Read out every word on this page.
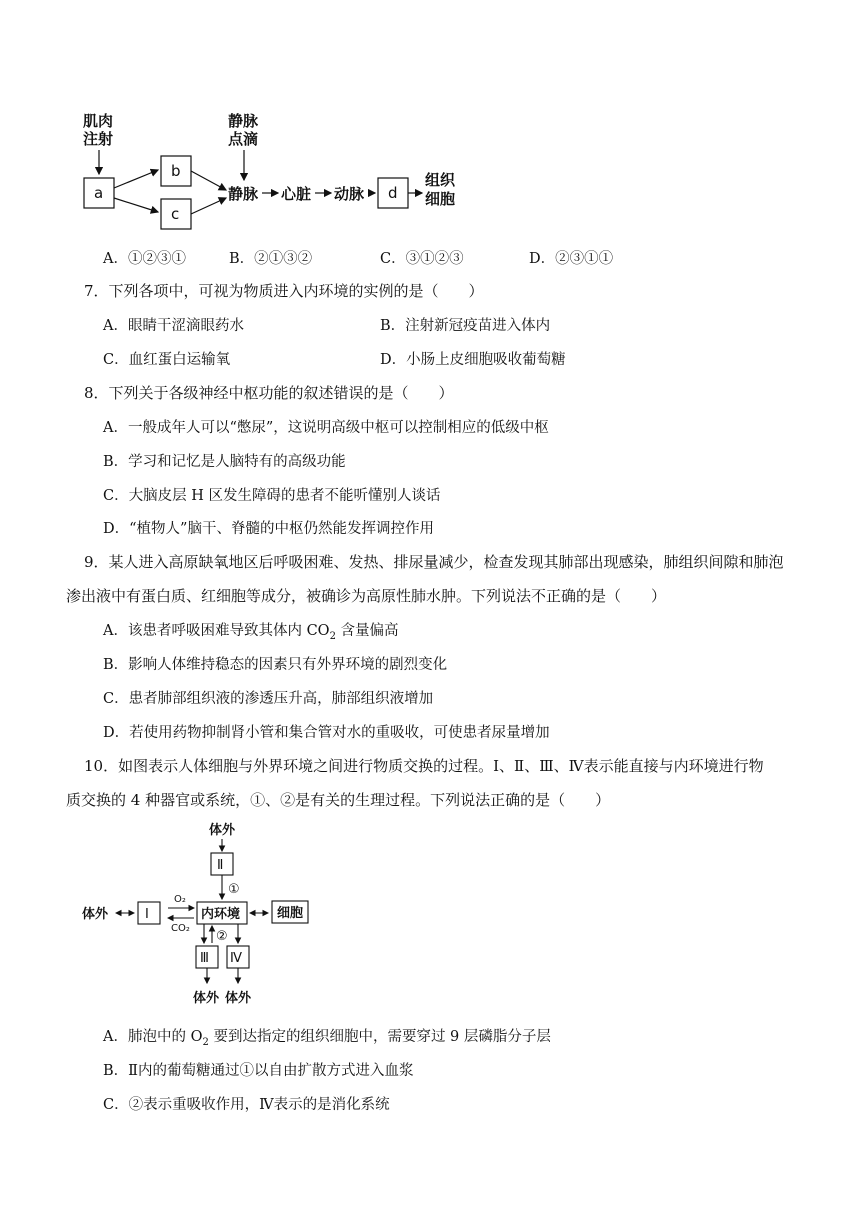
肌肉
注射
a
b
c
静脉
点滴
静脉 心脏 动脉 d
组织
细胞
A．①②③①	B．②①③②	C．③①②③	D．②③①①
7．下列各项中，可视为物质进入内环境的实例的是（　　）
A．眼睛干涩滴眼药水	B．注射新冠疫苗进入体内
C．血红蛋白运输氧	D．小肠上皮细胞吸收葡萄糖
8．下列关于各级神经中枢功能的叙述错误的是（　　）
A．一般成年人可以“憋尿”，这说明高级中枢可以控制相应的低级中枢
B．学习和记忆是人脑特有的高级功能
C．大脑皮层 H 区发生障碍的患者不能听懂别人谈话
D．“植物人”脑干、脊髓的中枢仍然能发挥调控作用
9．某人进入高原缺氧地区后呼吸困难、发热、排尿量减少，检查发现其肺部出现感染，肺组织间隙和肺泡
渗出液中有蛋白质、红细胞等成分，被确诊为高原性肺水肿。下列说法不正确的是（　　）
A．该患者呼吸困难导致其体内 $CO_2$ 含量偏高
B．影响人体维持稳态的因素只有外界环境的剧烈变化
C．患者肺部组织液的渗透压升高，肺部组织液增加
D．若使用药物抑制肾小管和集合管对水的重吸收，可使患者尿量增加
10．如图表示人体细胞与外界环境之间进行物质交换的过程。Ⅰ、Ⅱ、Ⅲ、Ⅳ表示能直接与内环境进行物
质交换的 4 种器官或系统，①、②是有关的生理过程。下列说法正确的是（　　）
体外
Ⅱ
①
体外	Ⅰ
O₂
CO₂
内环境	细胞
②
Ⅲ Ⅳ
体外 体外
A．肺泡中的 $O_2$ 要到达指定的组织细胞中，需要穿过 9 层磷脂分子层
B．Ⅱ内的葡萄糖通过①以自由扩散方式进入血浆
C．②表示重吸收作用，Ⅳ表示的是消化系统
